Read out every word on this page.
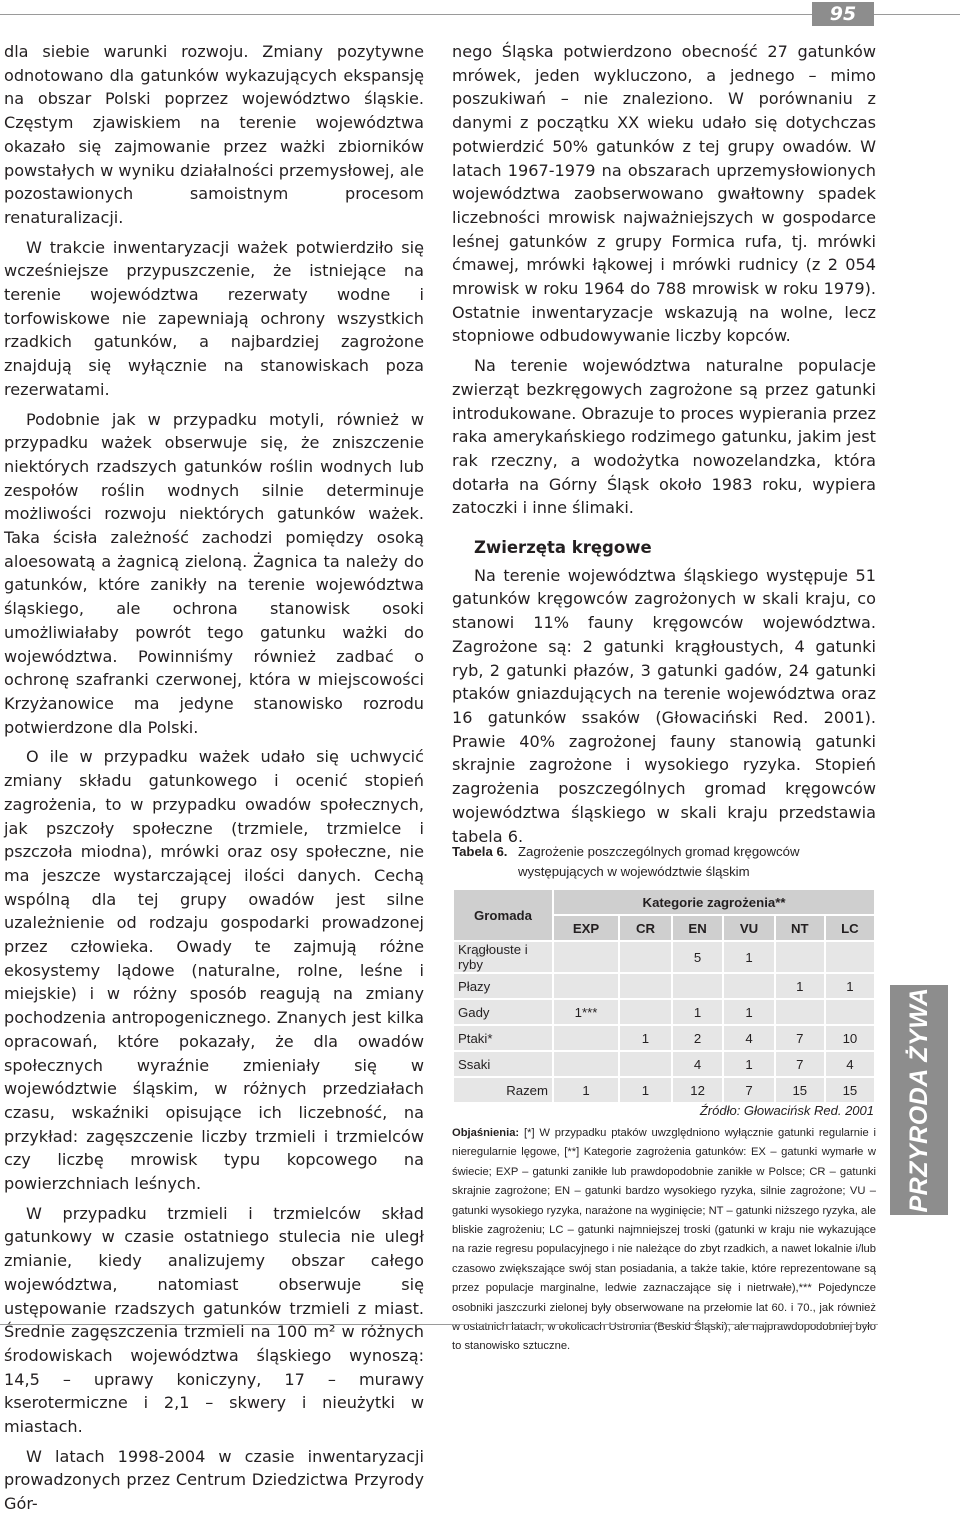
95

dla siebie warunki rozwoju. Zmiany pozytywne odnotowano dla gatunków wykazujących ekspansję na obszar Polski poprzez województwo śląskie. Częstym zjawiskiem na terenie województwa okazało się zajmowanie przez ważki zbiorników powstałych w wyniku działalności przemysłowej, ale pozostawionych samoistnym procesom renaturalizacji.

W trakcie inwentaryzacji ważek potwierdziło się wcześniejsze przypuszczenie, że istniejące na terenie województwa rezerwaty wodne i torfowiskowe nie zapewniają ochrony wszystkich rzadkich gatunków, a najbardziej zagrożone znajdują się wyłącznie na stanowiskach poza rezerwatami.

Podobnie jak w przypadku motyli, również w przypadku ważek obserwuje się, że zniszczenie niektórych rzadszych gatunków roślin wodnych lub zespołów roślin wodnych silnie determinuje możliwości rozwoju niektórych gatunków ważek. Taka ścisła zależność zachodzi pomiędzy osoką aloesowatą a żagnicą zieloną. Żagnica ta należy do gatunków, które zanikły na terenie województwa śląskiego, ale ochrona stanowisk osoki umożliwiałaby powrót tego gatunku ważki do województwa. Powinniśmy również zadbać o ochronę szafranki czerwonej, która w miejscowości Krzyżanowice ma jedyne stanowisko rozrodu potwierdzone dla Polski.

O ile w przypadku ważek udało się uchwycić zmiany składu gatunkowego i ocenić stopień zagrożenia, to w przypadku owadów społecznych, jak pszczoły społeczne (trzmiele, trzmielce i pszczoła miodna), mrówki oraz osy społeczne, nie ma jeszcze wystarczającej ilości danych. Cechą wspólną dla tej grupy owadów jest silne uzależnienie od rodzaju gospodarki prowadzonej przez człowieka. Owady te zajmują różne ekosystemy lądowe (naturalne, rolne, leśne i miejskie) i w różny sposób reagują na zmiany pochodzenia antropogenicznego. Znanych jest kilka opracowań, które pokazały, że dla owadów społecznych wyraźnie zmieniały się w województwie śląskim, w różnych przedziałach czasu, wskaźniki opisujące ich liczebność, na przykład: zagęszczenie liczby trzmieli i trzmielców czy liczbę mrowisk typu kopcowego na powierzchniach leśnych.

W przypadku trzmieli i trzmielców skład gatunkowy w czasie ostatniego stulecia nie uległ zmianie, kiedy analizujemy obszar całego województwa, natomiast obserwuje się ustępowanie rzadszych gatunków trzmieli z miast. Średnie zagęszczenia trzmieli na 100 m² w różnych środowiskach województwa śląskiego wynoszą: 14,5 – uprawy koniczyny, 17 – murawy kserotermiczne i 2,1 – skwery i nieużytki w miastach.

W latach 1998-2004 w czasie inwentaryzacji prowadzonych przez Centrum Dziedzictwa Przyrody Gór-

nego Śląska potwierdzono obecność 27 gatunków mrówek, jeden wykluczono, a jednego – mimo poszukiwań – nie znaleziono. W porównaniu z danymi z początku XX wieku udało się dotychczas potwierdzić 50% gatunków z tej grupy owadów. W latach 1967-1979 na obszarach uprzemysłowionych województwa zaobserwowano gwałtowny spadek liczebności mrowisk najważniejszych w gospodarce leśnej gatunków z grupy Formica rufa, tj. mrówki ćmawej, mrówki łąkowej i mrówki rudnicy (z 2 054 mrowisk w roku 1964 do 788 mrowisk w roku 1979). Ostatnie inwentaryzacje wskazują na wolne, lecz stopniowe odbudowywanie liczby kopców.

Na terenie województwa naturalne populacje zwierząt bezkręgowych zagrożone są przez gatunki introdukowane. Obrazuje to proces wypierania przez raka amerykańskiego rodzimego gatunku, jakim jest rak rzeczny, a wodożytka nowozelandzka, która dotarła na Górny Śląsk około 1983 roku, wypiera zatoczki i inne ślimaki.

Zwierzęta kręgowe

Na terenie województwa śląskiego występuje 51 gatunków kręgowców zagrożonych w skali kraju, co stanowi 11% fauny kręgowców województwa. Zagrożone są: 2 gatunki krągłoustych, 4 gatunki ryb, 2 gatunki płazów, 3 gatunki gadów, 24 gatunki ptaków gniazdujących na terenie województwa oraz 16 gatunków ssaków (Głowaciński Red. 2001). Prawie 40% zagrożonej fauny stanowią gatunki skrajnie zagrożone i wysokiego ryzyka. Stopień zagrożenia poszczególnych gromad kręgowców województwa śląskiego w skali kraju przedstawia tabela 6.

Tabela 6. Zagrożenie poszczególnych gromad kręgowców występujących w województwie śląskim
Gromada	Kategorie zagrożenia**					
	EXP	CR	EN	VU	NT	LC
Krągłouste i ryby			5	1		
Płazy					1	1
Gady	1***		1	1		
Ptaki*		1	2	4	7	10
Ssaki			4	1	7	4
Razem	1	1	12	7	15	15
Źródło: Głowacińsk Red. 2001
Objaśnienia: [*] W przypadku ptaków uwzględniono wyłącznie gatunki regularnie i nieregularnie lęgowe, [**] Kategorie zagrożenia gatunków: EX – gatunki wymarłe w świecie; EXP – gatunki zanikłe lub prawdopodobnie zanikłe w Polsce; CR – gatunki skrajnie zagrożone; EN – gatunki bardzo wysokiego ryzyka, silnie zagrożone; VU – gatunki wysokiego ryzyka, narażone na wyginięcie; NT – gatunki niższego ryzyka, ale bliskie zagrożeniu; LC – gatunki najmniejszej troski (gatunki w kraju nie wykazujące na razie regresu populacyjnego i nie należące do zbyt rzadkich, a nawet lokalnie i/lub czasowo zwiększające swój stan posiadania, a także takie, które reprezentowane są przez populacje marginalne, ledwie zaznaczające się i nietrwałe),*** Pojedyncze osobniki jaszczurki zielonej były obserwowane na przełomie lat 60. i 70., jak również w ostatnich latach, w okolicach Ustronia (Beskid Śląski), ale najprawdopodobniej było to stanowisko sztuczne.
PRZYRODA ŻYWA
